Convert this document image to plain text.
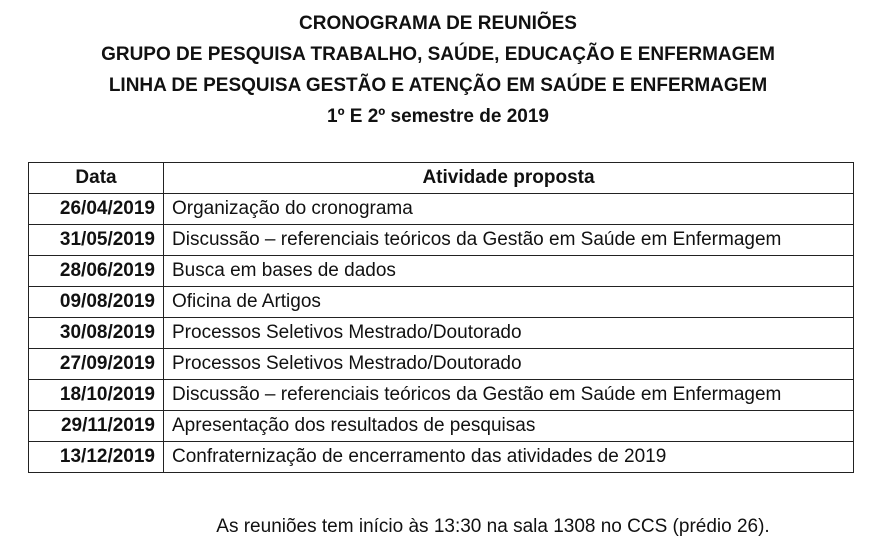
CRONOGRAMA DE REUNIÕES
GRUPO DE PESQUISA TRABALHO, SAÚDE, EDUCAÇÃO E ENFERMAGEM
LINHA DE PESQUISA GESTÃO E ATENÇÃO EM SAÚDE E ENFERMAGEM
1º E 2º semestre de 2019
Data	Atividade proposta
26/04/2019	Organização do cronograma
31/05/2019	Discussão – referenciais teóricos da Gestão em Saúde em Enfermagem
28/06/2019	Busca em bases de dados
09/08/2019	Oficina de Artigos
30/08/2019	Processos Seletivos Mestrado/Doutorado
27/09/2019	Processos Seletivos Mestrado/Doutorado
18/10/2019	Discussão – referenciais teóricos da Gestão em Saúde em Enfermagem
29/11/2019	Apresentação dos resultados de pesquisas
13/12/2019	Confraternização de encerramento das atividades de 2019
As reuniões tem início às 13:30 na sala 1308 no CCS (prédio 26).
